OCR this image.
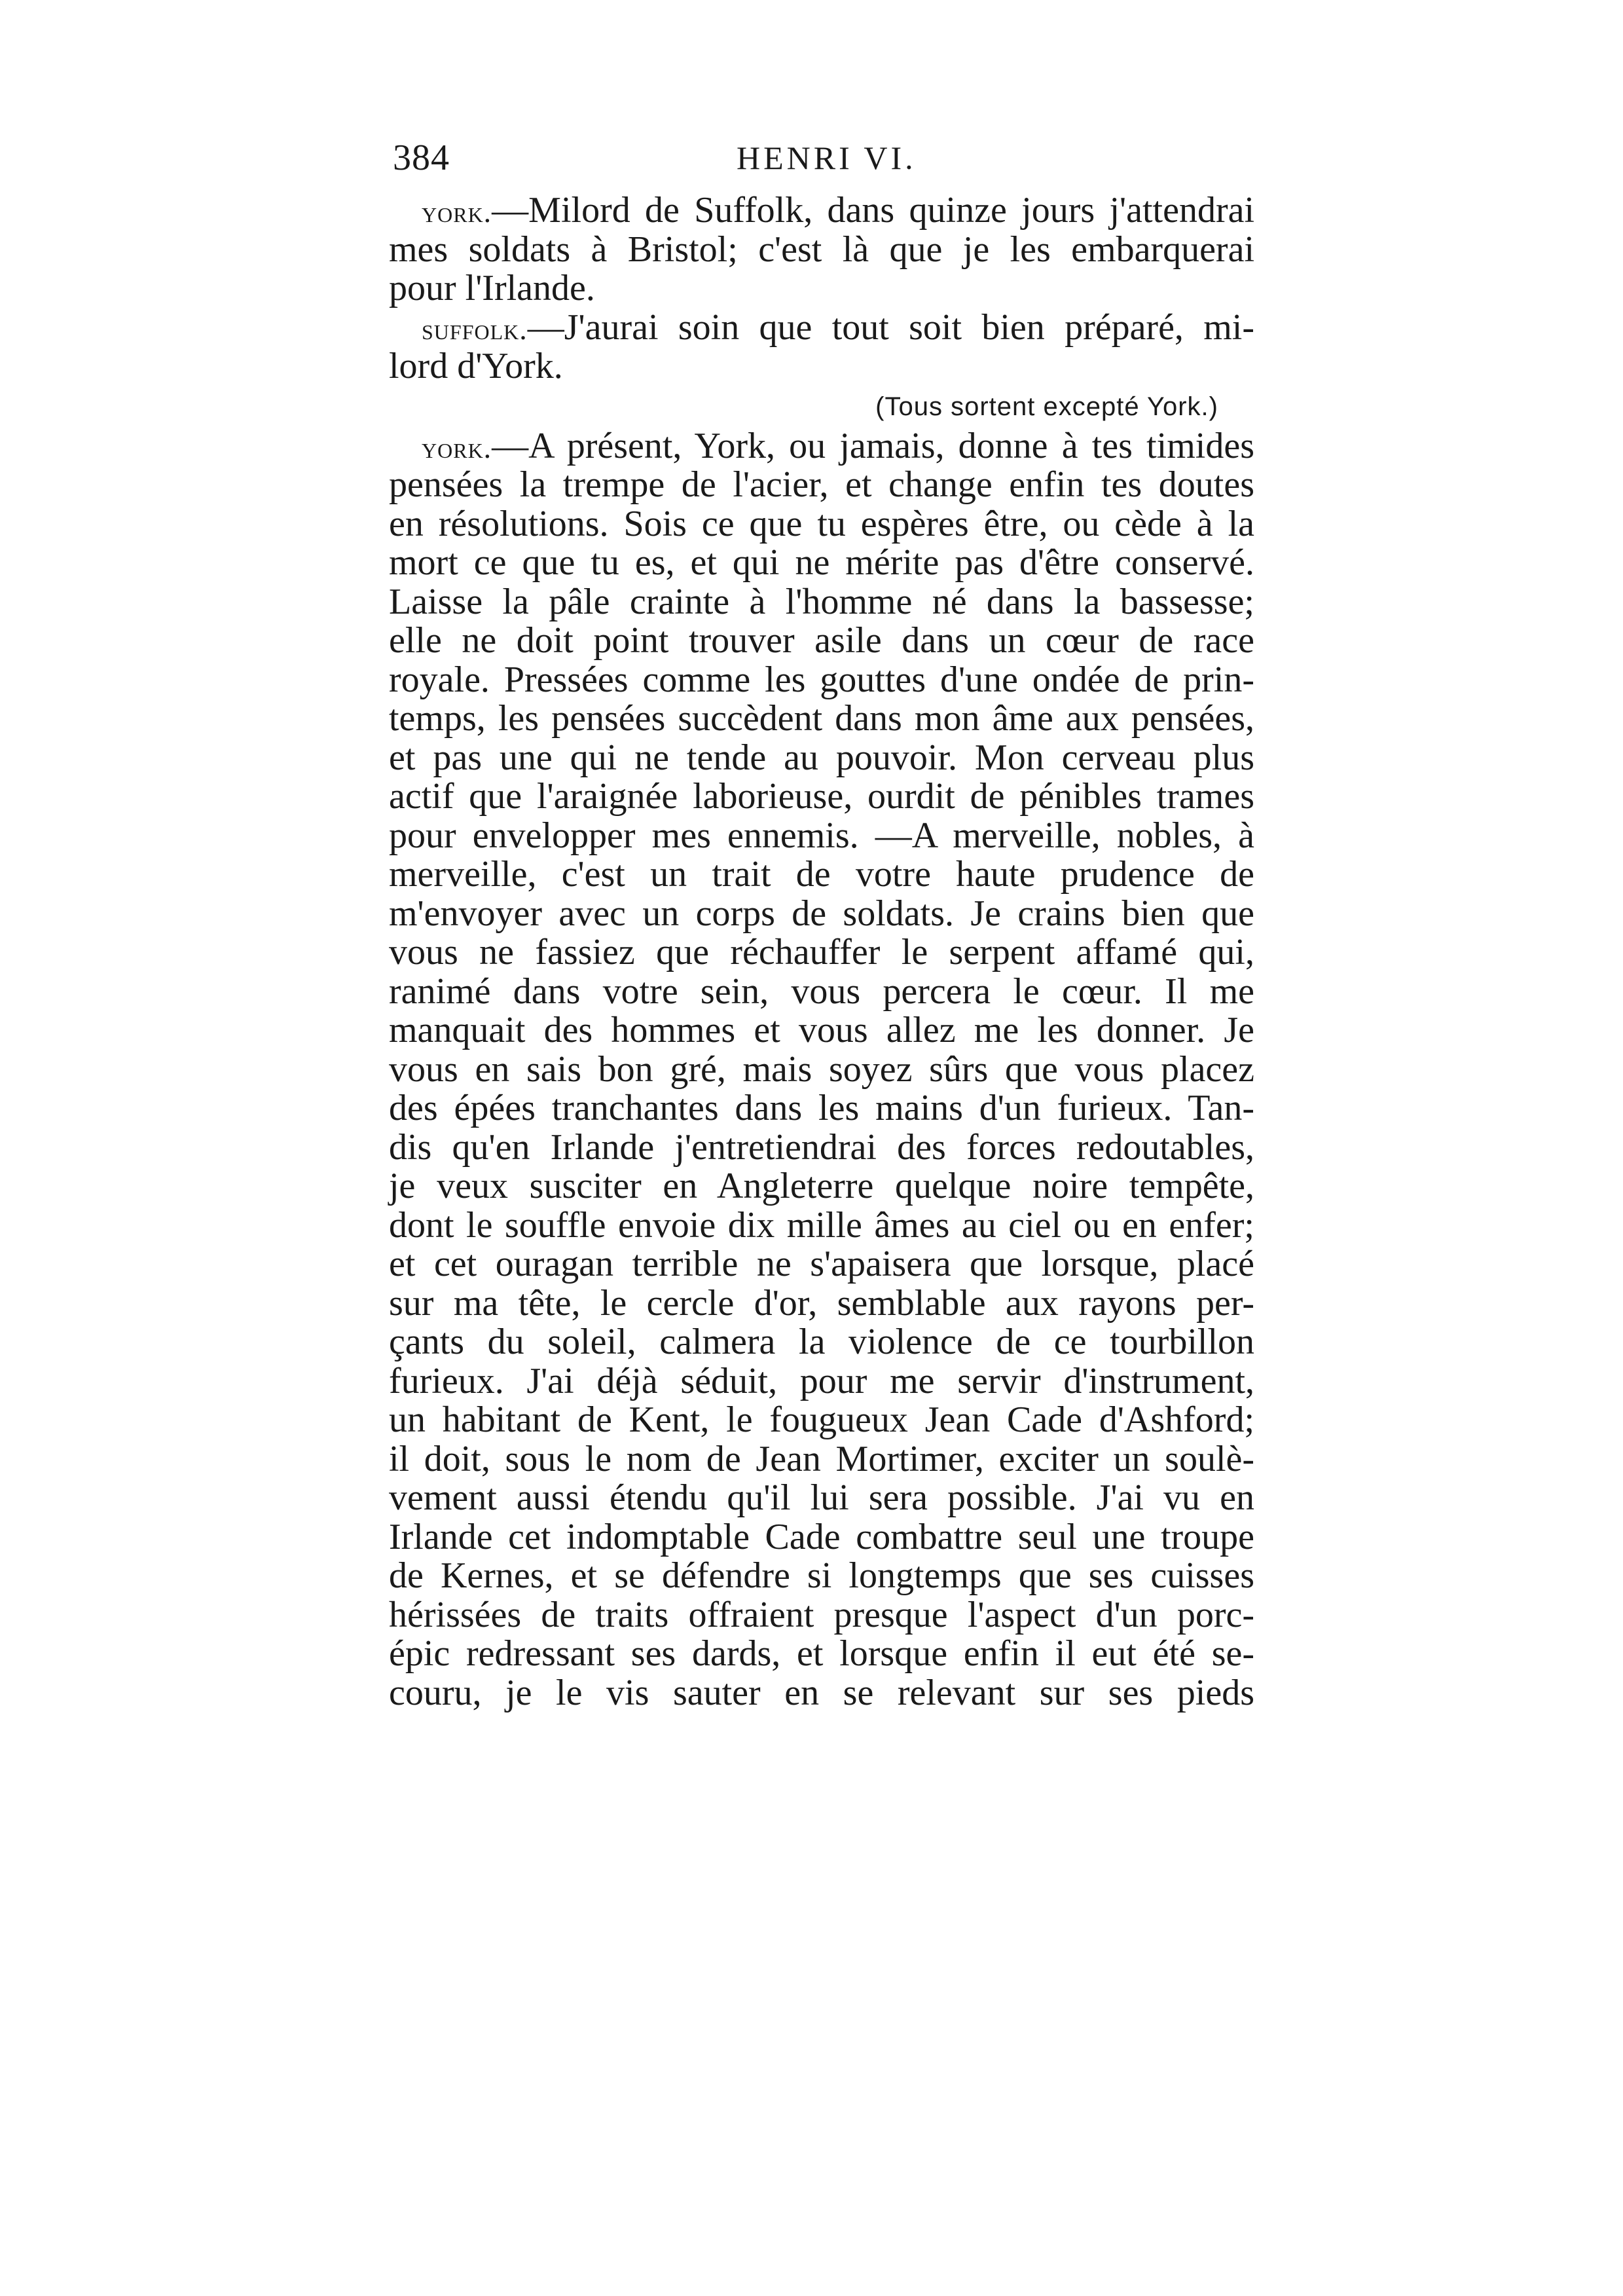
384	HENRI VI.
york.—Milord de Suffolk, dans quinze jours j'attendrai
mes soldats à Bristol; c'est là que je les embarquerai
pour l'Irlande.
suffolk.—J'aurai soin que tout soit bien préparé, mi-
lord d'York.
(Tous sortent excepté York.)
york.—A présent, York, ou jamais, donne à tes timides
pensées la trempe de l'acier, et change enfin tes doutes
en résolutions. Sois ce que tu espères être, ou cède à la
mort ce que tu es, et qui ne mérite pas d'être conservé.
Laisse la pâle crainte à l'homme né dans la bassesse;
elle ne doit point trouver asile dans un cœur de race
royale. Pressées comme les gouttes d'une ondée de prin-
temps, les pensées succèdent dans mon âme aux pensées,
et pas une qui ne tende au pouvoir. Mon cerveau plus
actif que l'araignée laborieuse, ourdit de pénibles trames
pour envelopper mes ennemis. —A merveille, nobles, à
merveille, c'est un trait de votre haute prudence de
m'envoyer avec un corps de soldats. Je crains bien que
vous ne fassiez que réchauffer le serpent affamé qui,
ranimé dans votre sein, vous percera le cœur. Il me
manquait des hommes et vous allez me les donner. Je
vous en sais bon gré, mais soyez sûrs que vous placez
des épées tranchantes dans les mains d'un furieux. Tan-
dis qu'en Irlande j'entretiendrai des forces redoutables,
je veux susciter en Angleterre quelque noire tempête,
dont le souffle envoie dix mille âmes au ciel ou en enfer;
et cet ouragan terrible ne s'apaisera que lorsque, placé
sur ma tête, le cercle d'or, semblable aux rayons per-
çants du soleil, calmera la violence de ce tourbillon
furieux. J'ai déjà séduit, pour me servir d'instrument,
un habitant de Kent, le fougueux Jean Cade d'Ashford;
il doit, sous le nom de Jean Mortimer, exciter un soulè-
vement aussi étendu qu'il lui sera possible. J'ai vu en
Irlande cet indomptable Cade combattre seul une troupe
de Kernes, et se défendre si longtemps que ses cuisses
hérissées de traits offraient presque l'aspect d'un porc-
épic redressant ses dards, et lorsque enfin il eut été se-
couru, je le vis sauter en se relevant sur ses pieds
